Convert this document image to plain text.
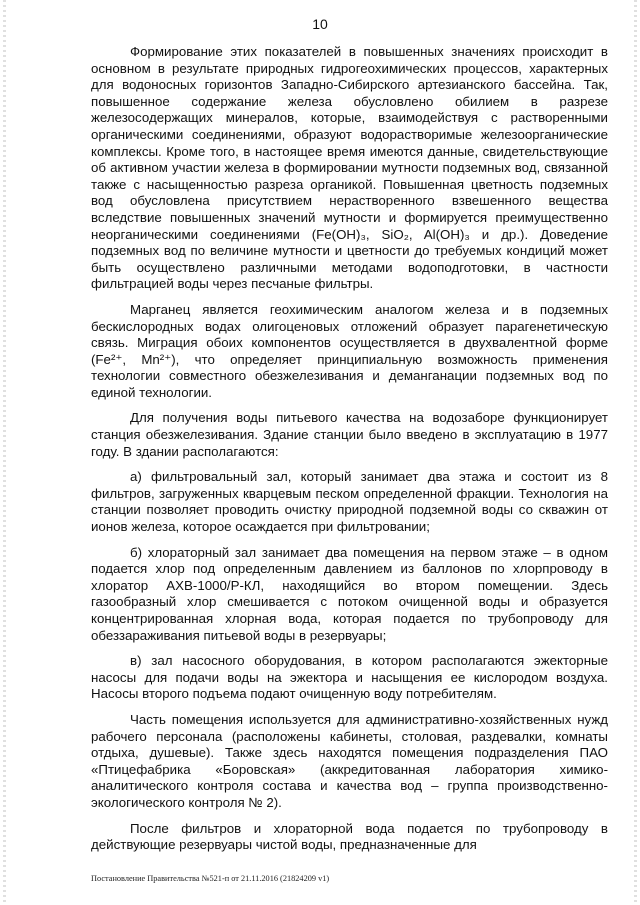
10

Формирование этих показателей в повышенных значениях происходит в основном в результате природных гидрогеохимических процессов, характерных для водоносных горизонтов Западно-Сибирского артезианского бассейна. Так, повышенное содержание железа обусловлено обилием в разрезе железосодержащих минералов, которые, взаимодействуя с растворенными органическими соединениями, образуют водорастворимые железоорганические комплексы. Кроме того, в настоящее время имеются данные, свидетельствующие об активном участии железа в формировании мутности подземных вод, связанной также с насыщенностью разреза органикой. Повышенная цветность подземных вод обусловлена присутствием нерастворенного взвешенного вещества вследствие повышенных значений мутности и формируется преимущественно неорганическими соединениями (Fe(OH)₃, SiO₂, Al(OH)₃ и др.). Доведение подземных вод по величине мутности и цветности до требуемых кондиций может быть осуществлено различными методами водоподготовки, в частности фильтрацией воды через песчаные фильтры.

Марганец является геохимическим аналогом железа и в подземных бескислородных водах олигоценовых отложений образует парагенетическую связь. Миграция обоих компонентов осуществляется в двухвалентной форме (Fe²⁺, Mn²⁺), что определяет принципиальную возможность применения технологии совместного обезжелезивания и деманганации подземных вод по единой технологии.

Для получения воды питьевого качества на водозаборе функционирует станция обезжелезивания. Здание станции было введено в эксплуатацию в 1977 году. В здании располагаются:

а) фильтровальный зал, который занимает два этажа и состоит из 8 фильтров, загруженных кварцевым песком определенной фракции. Технология на станции позволяет проводить очистку природной подземной воды со скважин от ионов железа, которое осаждается при фильтровании;

б) хлораторный зал занимает два помещения на первом этаже – в одном подается хлор под определенным давлением из баллонов по хлорпроводу в хлоратор АХВ-1000/Р-КЛ, находящийся во втором помещении. Здесь газообразный хлор смешивается с потоком очищенной воды и образуется концентрированная хлорная вода, которая подается по трубопроводу для обеззараживания питьевой воды в резервуары;

в) зал насосного оборудования, в котором располагаются эжекторные насосы для подачи воды на эжектора и насыщения ее кислородом воздуха. Насосы второго подъема подают очищенную воду потребителям.

Часть помещения используется для административно-хозяйственных нужд рабочего персонала (расположены кабинеты, столовая, раздевалки, комнаты отдыха, душевые). Также здесь находятся помещения подразделения ПАО «Птицефабрика «Боровская» (аккредитованная лаборатория химико-аналитического контроля состава и качества вод – группа производственно-экологического контроля № 2).

После фильтров и хлораторной вода подается по трубопроводу в действующие резервуары чистой воды, предназначенные для

Постановление Правительства №521-п от 21.11.2016 (21824209 v1)
